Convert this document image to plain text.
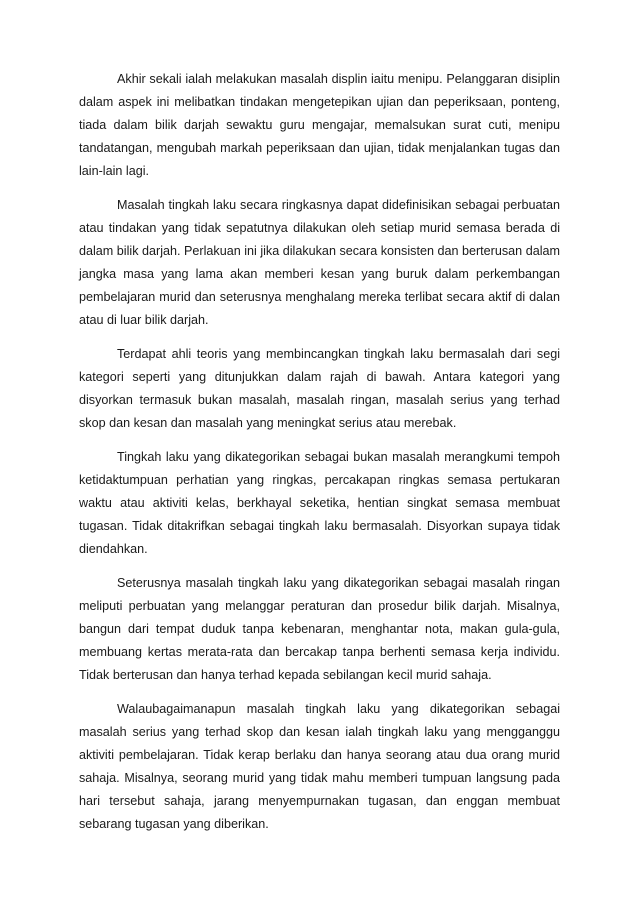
Akhir sekali ialah melakukan masalah displin iaitu menipu. Pelanggaran disiplin dalam aspek ini melibatkan tindakan mengetepikan ujian dan peperiksaan, ponteng, tiada dalam bilik darjah sewaktu guru mengajar, memalsukan surat cuti, menipu tandatangan, mengubah markah peperiksaan dan ujian, tidak menjalankan tugas dan lain-lain lagi.

Masalah tingkah laku secara ringkasnya dapat didefinisikan sebagai perbuatan atau tindakan yang tidak sepatutnya dilakukan oleh setiap murid semasa berada di dalam bilik darjah. Perlakuan ini jika dilakukan secara konsisten dan berterusan dalam jangka masa yang lama akan memberi kesan yang buruk dalam perkembangan pembelajaran murid dan seterusnya menghalang mereka terlibat secara aktif di dalan atau di luar bilik darjah.

Terdapat ahli teoris yang membincangkan tingkah laku bermasalah dari segi kategori seperti yang ditunjukkan dalam rajah di bawah. Antara kategori yang disyorkan termasuk bukan masalah, masalah ringan, masalah serius yang terhad skop dan kesan dan masalah yang meningkat serius atau merebak.

Tingkah laku yang dikategorikan sebagai bukan masalah merangkumi tempoh ketidaktumpuan perhatian yang ringkas, percakapan ringkas semasa pertukaran waktu atau aktiviti kelas, berkhayal seketika, hentian singkat semasa membuat tugasan. Tidak ditakrifkan sebagai tingkah laku bermasalah. Disyorkan supaya tidak diendahkan.

Seterusnya masalah tingkah laku yang dikategorikan sebagai masalah ringan meliputi perbuatan yang melanggar peraturan dan prosedur bilik darjah. Misalnya, bangun dari tempat duduk tanpa kebenaran, menghantar nota, makan gula-gula, membuang kertas merata-rata dan bercakap tanpa berhenti semasa kerja individu. Tidak berterusan dan hanya terhad kepada sebilangan kecil murid sahaja.

Walaubagaimanapun masalah tingkah laku yang dikategorikan sebagai masalah serius yang terhad skop dan kesan ialah tingkah laku yang mengganggu aktiviti pembelajaran. Tidak kerap berlaku dan hanya seorang atau dua orang murid sahaja. Misalnya, seorang murid yang tidak mahu memberi tumpuan langsung pada hari tersebut sahaja, jarang menyempurnakan tugasan, dan enggan membuat sebarang tugasan yang diberikan.
